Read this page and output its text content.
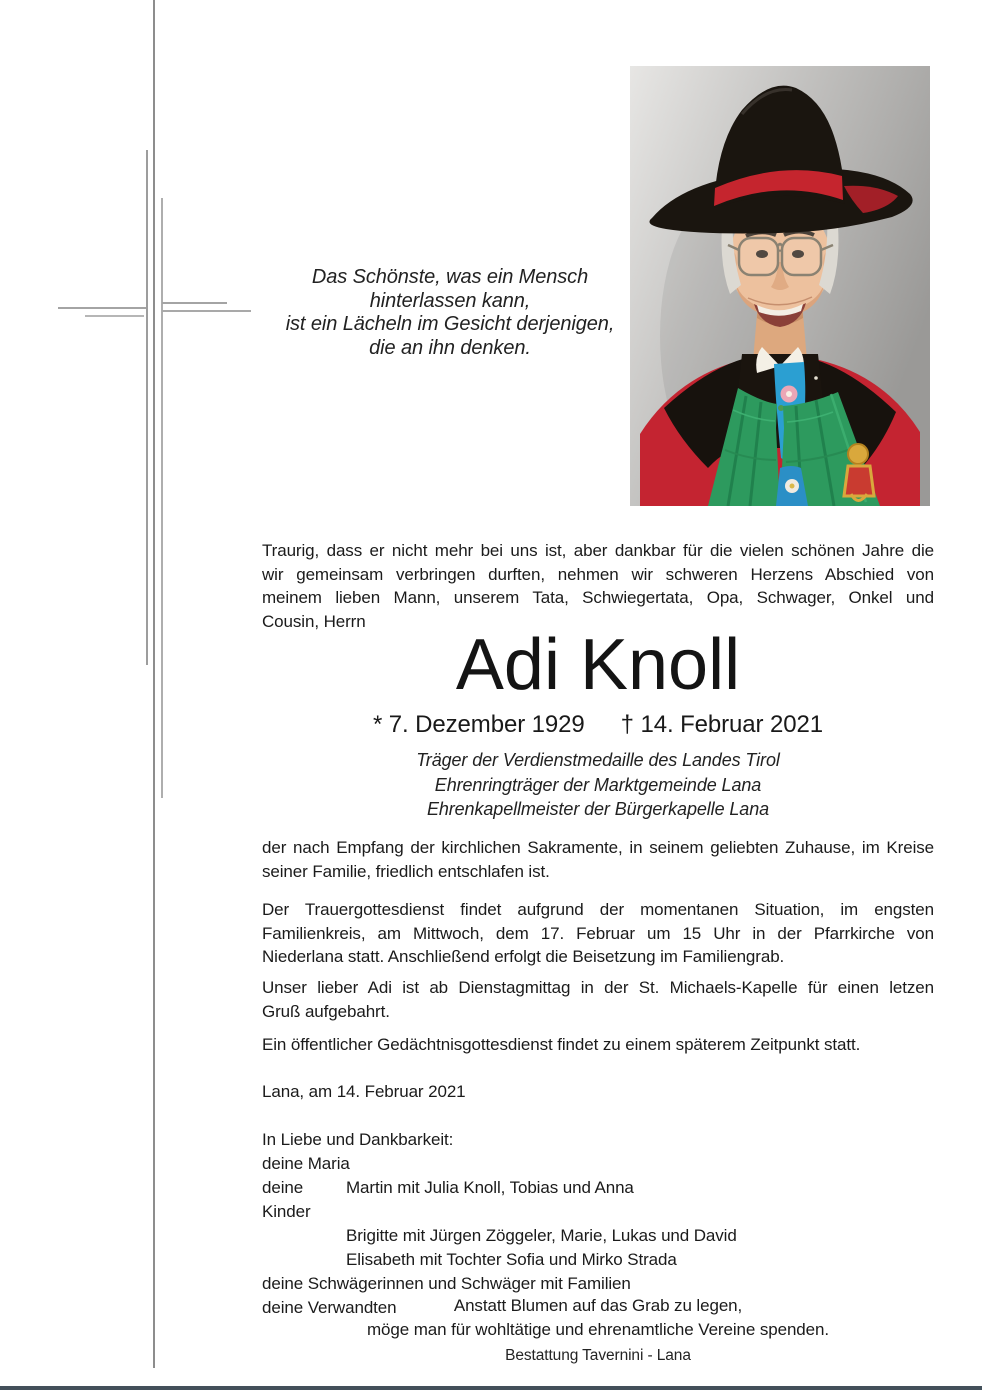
Das Schönste, was ein Mensch
hinterlassen kann,
ist ein Lächeln im Gesicht derjenigen,
die an ihn denken.
Traurig, dass er nicht mehr bei uns ist, aber dankbar für die vielen schönen Jahre die
wir gemeinsam verbringen durften, nehmen wir schweren Herzens Abschied von
meinem lieben Mann, unserem Tata, Schwiegertata, Opa, Schwager, Onkel und
Cousin, Herrn
Adi Knoll
* 7. Dezember 1929 † 14. Februar 2021
Träger der Verdienstmedaille des Landes Tirol
Ehrenringträger der Marktgemeinde Lana
Ehrenkapellmeister der Bürgerkapelle Lana
der nach Empfang der kirchlichen Sakramente, in seinem geliebten Zuhause, im Kreise
seiner Familie, friedlich entschlafen ist.
Der Trauergottesdienst findet aufgrund der momentanen Situation, im engsten
Familienkreis, am Mittwoch, dem 17. Februar um 15 Uhr in der Pfarrkirche von
Niederlana statt. Anschließend erfolgt die Beisetzung im Familiengrab.
Unser lieber Adi ist ab Dienstagmittag in der St. Michaels-Kapelle für einen letzen
Gruß aufgebahrt.
Ein öffentlicher Gedächtnisgottesdienst findet zu einem späterem Zeitpunkt statt.
Lana, am 14. Februar 2021
In Liebe und Dankbarkeit:
deine Maria
deine Kinder
Martin mit Julia Knoll, Tobias und Anna
Brigitte mit Jürgen Zöggeler, Marie, Lukas und David
Elisabeth mit Tochter Sofia und Mirko Strada
deine Schwägerinnen und Schwäger mit Familien
deine Verwandten	Anstatt Blumen auf das Grab zu legen,
möge man für wohltätige und ehrenamtliche Vereine spenden.
Bestattung Tavernini - Lana
